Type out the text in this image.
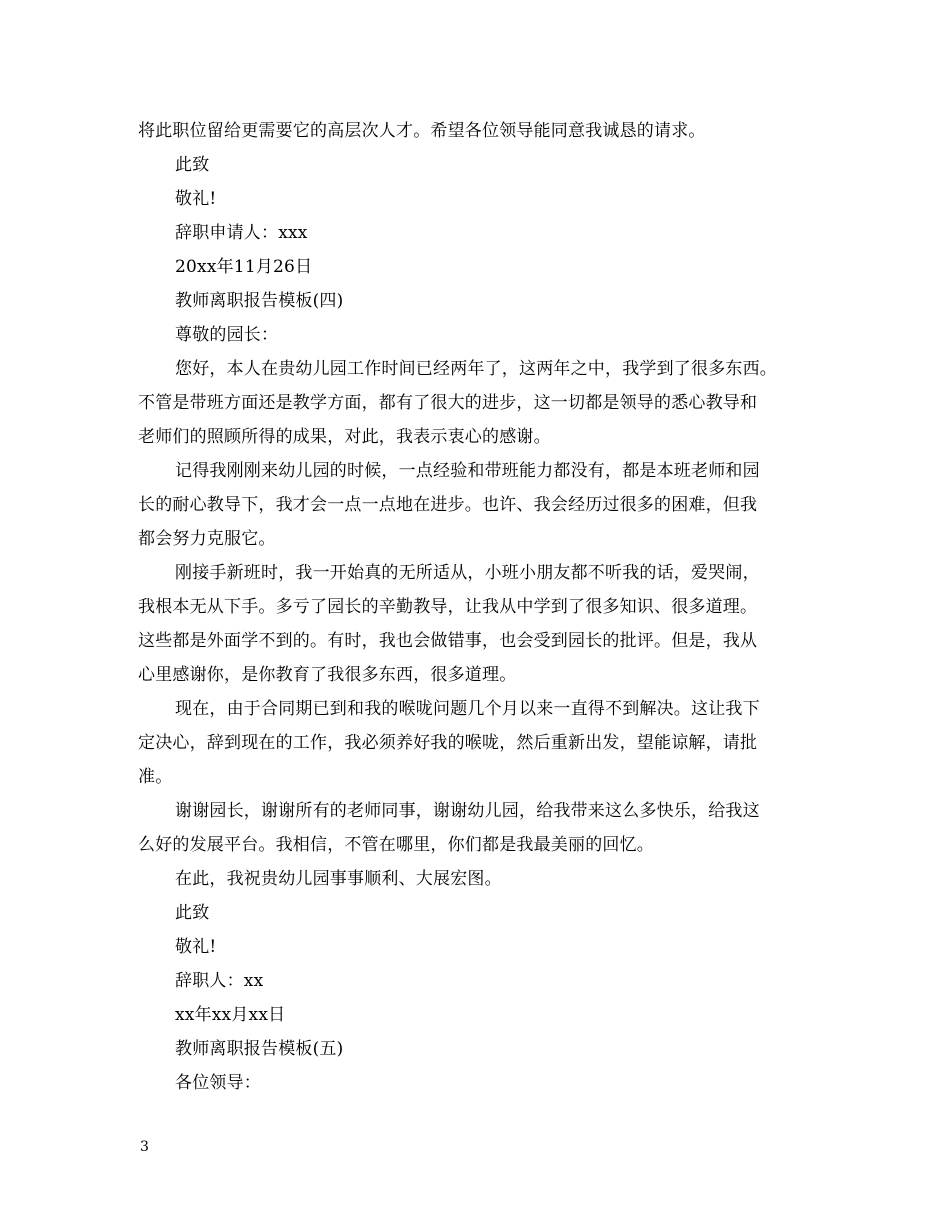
将此职位留给更需要它的高层次人才。希望各位领导能同意我诚恳的请求。
此致
敬礼!
辞职申请人：xxx
20xx年11月26日
教师离职报告模板(四)
尊敬的园长：
您好，本人在贵幼儿园工作时间已经两年了，这两年之中，我学到了很多东西。
不管是带班方面还是教学方面，都有了很大的进步，这一切都是领导的悉心教导和
老师们的照顾所得的成果，对此，我表示衷心的感谢。
记得我刚刚来幼儿园的时候，一点经验和带班能力都没有，都是本班老师和园
长的耐心教导下，我才会一点一点地在进步。也许、我会经历过很多的困难，但我
都会努力克服它。
刚接手新班时，我一开始真的无所适从，小班小朋友都不听我的话，爱哭闹，
我根本无从下手。多亏了园长的辛勤教导，让我从中学到了很多知识、很多道理。
这些都是外面学不到的。有时，我也会做错事，也会受到园长的批评。但是，我从
心里感谢你，是你教育了我很多东西，很多道理。
现在，由于合同期已到和我的喉咙问题几个月以来一直得不到解决。这让我下
定决心，辞到现在的工作，我必须养好我的喉咙，然后重新出发，望能谅解，请批
准。
谢谢园长，谢谢所有的老师同事，谢谢幼儿园，给我带来这么多快乐，给我这
么好的发展平台。我相信，不管在哪里，你们都是我最美丽的回忆。
在此，我祝贵幼儿园事事顺利、大展宏图。
此致
敬礼!
辞职人：xx
xx年xx月xx日
教师离职报告模板(五)
各位领导：
3
